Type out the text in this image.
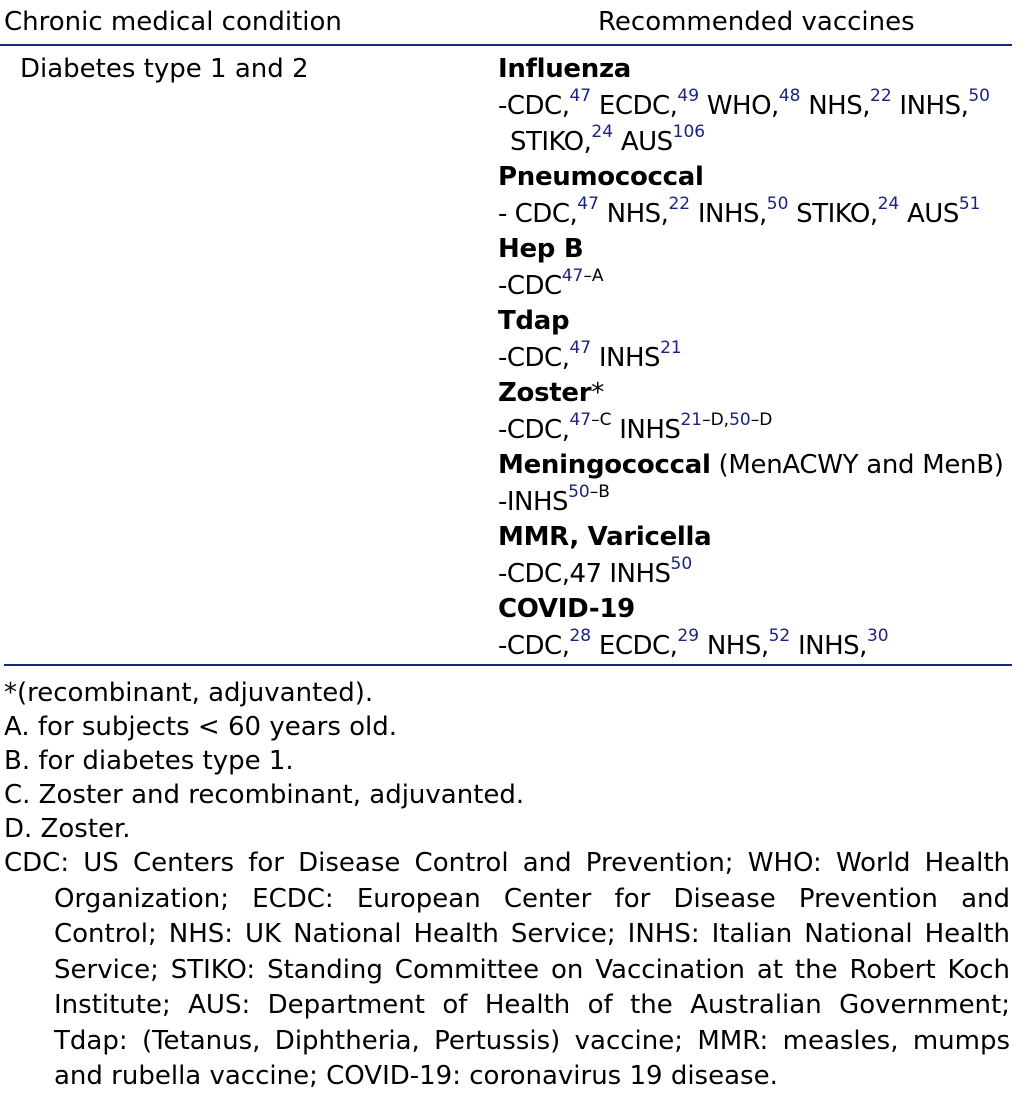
Chronic medical condition	Recommended vaccines
Diabetes type 1 and 2	Influenza
-CDC,$^{47}$ ECDC,$^{49}$ WHO,$^{48}$ NHS,$^{22}$ INHS,$^{50}$
STIKO,$^{24}$ AUS$^{106}$
Pneumococcal
- CDC,$^{47}$ NHS,$^{22}$ INHS,$^{50}$ STIKO,$^{24}$ AUS$^{51}$
Hep B
-CDC$^{47-A}$
Tdap
-CDC,$^{47}$ INHS$^{21}$
Zoster*
-CDC,$^{47-C}$ INHS$^{21-D,50-D}$
Meningococcal (MenACWY and MenB)
-INHS$^{50-B}$
MMR, Varicella
-CDC,47 INHS$^{50}$
COVID-19
-CDC,$^{28}$ ECDC,$^{29}$ NHS,$^{52}$ INHS,$^{30}$
*(recombinant, adjuvanted).
A. for subjects < 60 years old.
B. for diabetes type 1.
C. Zoster and recombinant, adjuvanted.
D. Zoster.
CDC: US Centers for Disease Control and Prevention; WHO: World Health Organization; ECDC: European Center for Disease Prevention and Control; NHS: UK National Health Service; INHS: Italian National Health Service; STIKO: Standing Committee on Vaccination at the Robert Koch Institute; AUS: Department of Health of the Australian Government; Tdap: (Tetanus, Diphtheria, Pertussis) vaccine; MMR: measles, mumps and rubella vaccine; COVID-19: coronavirus 19 disease.
